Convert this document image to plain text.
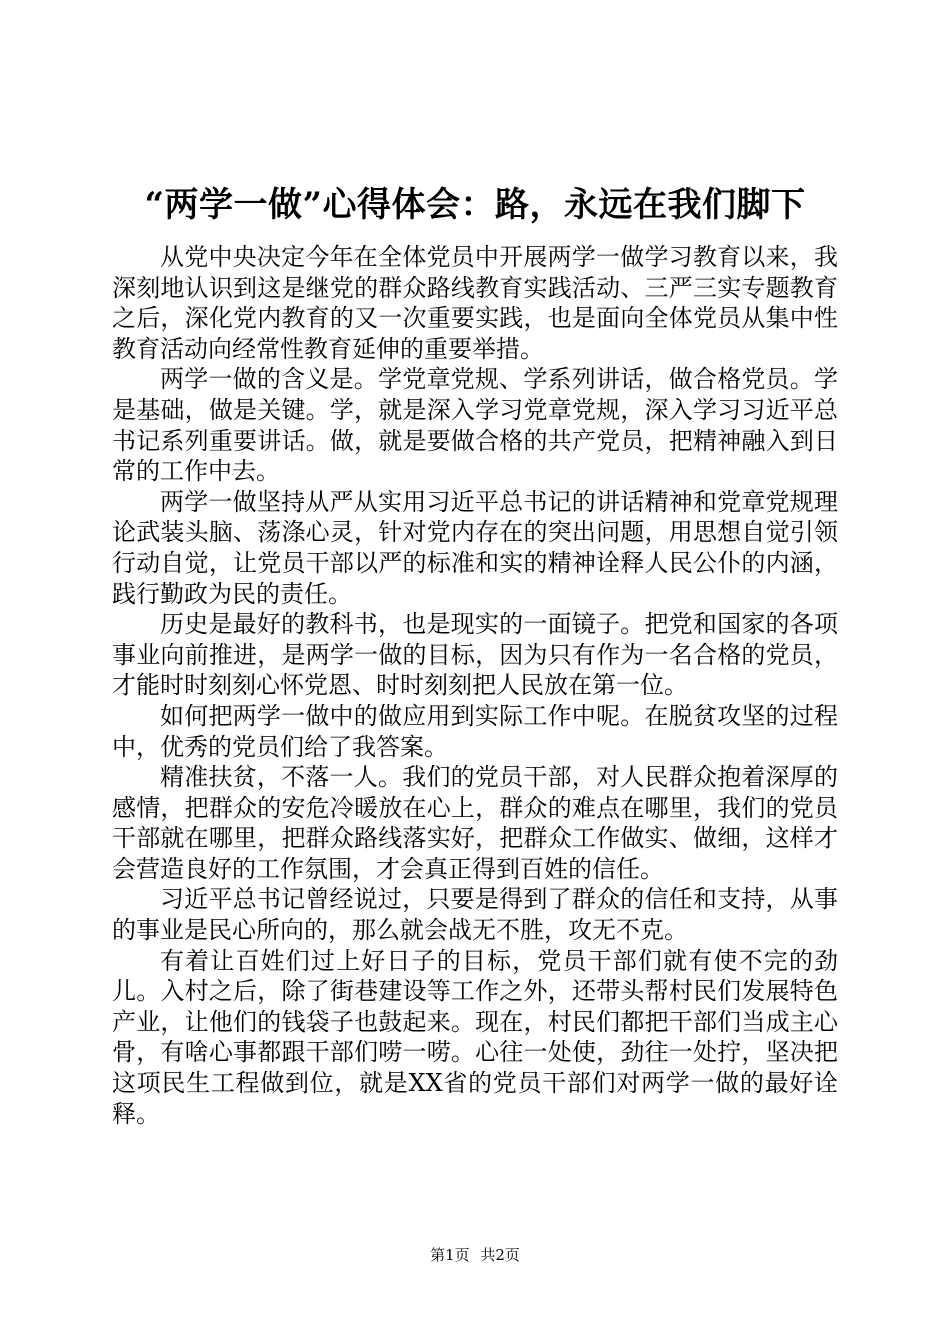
“两学一做”心得体会：路，永远在我们脚下

从党中央决定今年在全体党员中开展两学一做学习教育以来，我深刻地认识到这是继党的群众路线教育实践活动、三严三实专题教育之后，深化党内教育的又一次重要实践，也是面向全体党员从集中性教育活动向经常性教育延伸的重要举措。

两学一做的含义是。学党章党规、学系列讲话，做合格党员。学是基础，做是关键。学，就是深入学习党章党规，深入学习习近平总书记系列重要讲话。做，就是要做合格的共产党员，把精神融入到日常的工作中去。

两学一做坚持从严从实用习近平总书记的讲话精神和党章党规理论武装头脑、荡涤心灵，针对党内存在的突出问题，用思想自觉引领行动自觉，让党员干部以严的标准和实的精神诠释人民公仆的内涵，践行勤政为民的责任。

历史是最好的教科书，也是现实的一面镜子。把党和国家的各项事业向前推进，是两学一做的目标，因为只有作为一名合格的党员，才能时时刻刻心怀党恩、时时刻刻把人民放在第一位。

如何把两学一做中的做应用到实际工作中呢。在脱贫攻坚的过程中，优秀的党员们给了我答案。

精准扶贫，不落一人。我们的党员干部，对人民群众抱着深厚的感情，把群众的安危冷暖放在心上，群众的难点在哪里，我们的党员干部就在哪里，把群众路线落实好，把群众工作做实、做细，这样才会营造良好的工作氛围，才会真正得到百姓的信任。

习近平总书记曾经说过，只要是得到了群众的信任和支持，从事的事业是民心所向的，那么就会战无不胜，攻无不克。

有着让百姓们过上好日子的目标，党员干部们就有使不完的劲儿。入村之后，除了街巷建设等工作之外，还带头帮村民们发展特色产业，让他们的钱袋子也鼓起来。现在，村民们都把干部们当成主心骨，有啥心事都跟干部们唠一唠。心往一处使，劲往一处拧，坚决把这项民生工程做到位，就是XX省的党员干部们对两学一做的最好诠释。

第1页 共2页
